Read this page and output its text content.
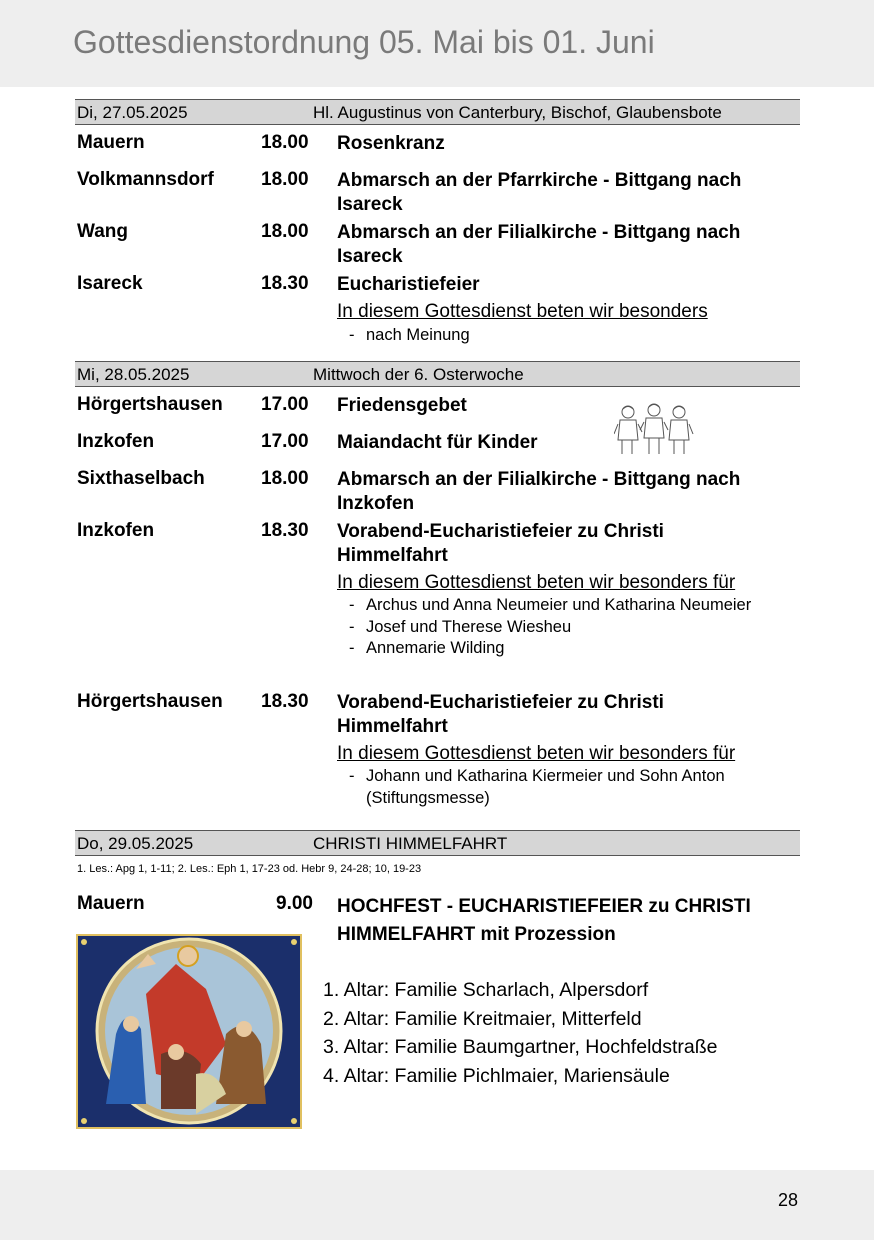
Gottesdienstordnung 05. Mai bis 01. Juni
Di, 27.05.2025	Hl. Augustinus von Canterbury, Bischof, Glaubensbote
Mauern	18.00 Rosenkranz
Volkmannsdorf 18.00 Abmarsch an der Pfarrkirche - Bittgang nach Isareck
Wang	18.00 Abmarsch an der Filialkirche - Bittgang nach Isareck
Isareck	18.30 Eucharistiefeier
In diesem Gottesdienst beten wir besonders
- nach Meinung
Mi, 28.05.2025	Mittwoch der 6. Osterwoche
Hörgertshausen 17.00 Friedensgebet
Inzkofen	17.00 Maiandacht für Kinder
Sixthaselbach	18.00 Abmarsch an der Filialkirche - Bittgang nach Inzkofen
Inzkofen	18.30 Vorabend-Eucharistiefeier zu Christi Himmelfahrt
In diesem Gottesdienst beten wir besonders für
- Archus und Anna Neumeier und Katharina Neumeier
- Josef und Therese Wiesheu
- Annemarie Wilding
Hörgertshausen 18.30 Vorabend-Eucharistiefeier zu Christi Himmelfahrt
In diesem Gottesdienst beten wir besonders für
- Johann und Katharina Kiermeier und Sohn Anton (Stiftungsmesse)
Do, 29.05.2025	CHRISTI HIMMELFAHRT
1. Les.: Apg 1, 1-11; 2. Les.: Eph 1, 17-23 od. Hebr 9, 24-28; 10, 19-23
Mauern	9.00 HOCHFEST - EUCHARISTIEFEIER zu CHRISTI HIMMELFAHRT mit Prozession
1. Altar: Familie Scharlach, Alpersdorf
2. Altar: Familie Kreitmaier, Mitterfeld
3. Altar: Familie Baumgartner, Hochfeldstraße
4. Altar: Familie Pichlmaier, Mariensäule
28
